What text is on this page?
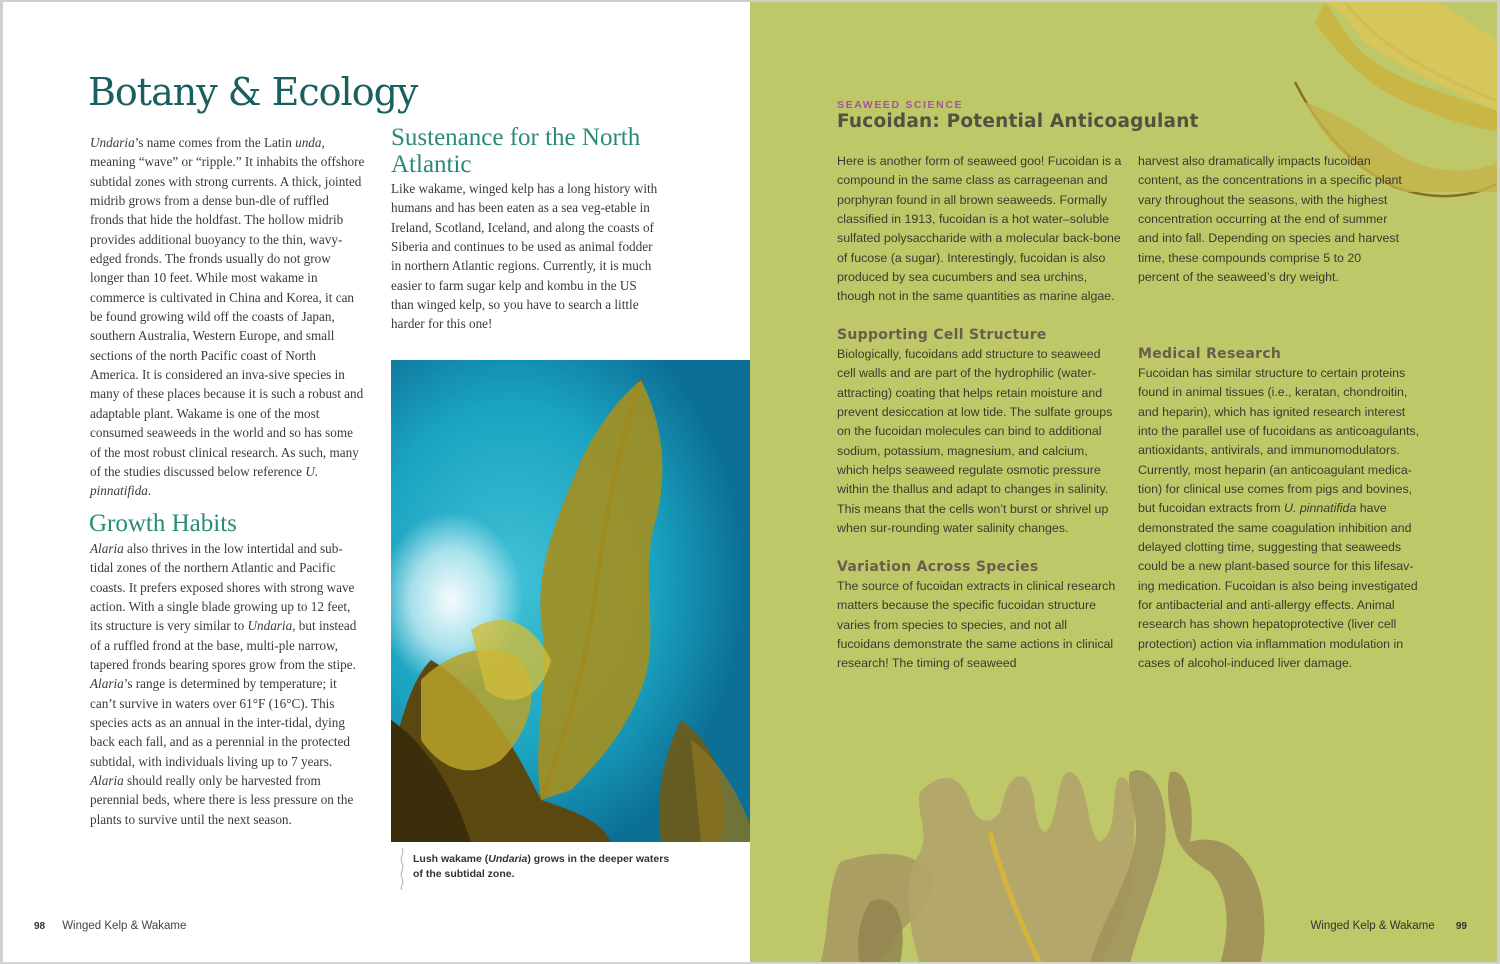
Botany & Ecology

Undaria’s name comes from the Latin unda, meaning “wave” or “ripple.” It inhabits the offshore subtidal zones with strong currents. A thick, jointed midrib grows from a dense bun-dle of ruffled fronds that hide the holdfast. The hollow midrib provides additional buoyancy to the thin, wavy-edged fronds. The fronds usually do not grow longer than 10 feet. While most wakame in commerce is cultivated in China and Korea, it can be found growing wild off the coasts of Japan, southern Australia, Western Europe, and small sections of the north Pacific coast of North America. It is considered an inva-sive species in many of these places because it is such a robust and adaptable plant. Wakame is one of the most consumed seaweeds in the world and so has some of the most robust clinical research. As such, many of the studies discussed below reference U. pinnatifida.

Growth Habits

Alaria also thrives in the low intertidal and sub-tidal zones of the northern Atlantic and Pacific coasts. It prefers exposed shores with strong wave action. With a single blade growing up to 12 feet, its structure is very similar to Undaria, but instead of a ruffled frond at the base, multi-ple narrow, tapered fronds bearing spores grow from the stipe. Alaria’s range is determined by temperature; it can’t survive in waters over 61°F (16°C). This species acts as an annual in the inter-tidal, dying back each fall, and as a perennial in the protected subtidal, with individuals living up to 7 years. Alaria should really only be harvested from perennial beds, where there is less pressure on the plants to survive until the next season.

Sustenance for the North Atlantic

Like wakame, winged kelp has a long history with humans and has been eaten as a sea veg-etable in Ireland, Scotland, Iceland, and along the coasts of Siberia and continues to be used as animal fodder in northern Atlantic regions. Currently, it is much easier to farm sugar kelp and kombu in the US than winged kelp, so you have to search a little harder for this one!

Lush wakame (Undaria) grows in the deeper waters of the subtidal zone.

98 Winged Kelp & Wakame
SEAWEED SCIENCE
Fucoidan: Potential Anticoagulant

Here is another form of seaweed goo! Fucoidan is a compound in the same class as carrageenan and porphyran found in all brown seaweeds. Formally classified in 1913, fucoidan is a hot water–soluble sulfated polysaccharide with a molecular back-bone of fucose (a sugar). Interestingly, fucoidan is also produced by sea cucumbers and sea urchins, though not in the same quantities as marine algae.

Supporting Cell Structure

Biologically, fucoidans add structure to seaweed cell walls and are part of the hydrophilic (water-attracting) coating that helps retain moisture and prevent desiccation at low tide. The sulfate groups on the fucoidan molecules can bind to additional sodium, potassium, magnesium, and calcium, which helps seaweed regulate osmotic pressure within the thallus and adapt to changes in salinity. This means that the cells won’t burst or shrivel up when sur-rounding water salinity changes.

Variation Across Species

The source of fucoidan extracts in clinical research matters because the specific fucoidan structure varies from species to species, and not all fucoidans demonstrate the same actions in clinical research! The timing of seaweed

harvest also dramatically impacts fucoidan content, as the concentrations in a specific plant vary throughout the seasons, with the highest concentration occurring at the end of summer and into fall. Depending on species and harvest time, these compounds comprise 5 to 20 percent of the seaweed’s dry weight.

Medical Research

Fucoidan has similar structure to certain proteins found in animal tissues (i.e., keratan, chondroitin, and heparin), which has ignited research interest into the parallel use of fucoidans as anticoagulants, antioxidants, antivirals, and immunomodulators. Currently, most heparin (an anticoagulant medica-tion) for clinical use comes from pigs and bovines, but fucoidan extracts from U. pinnatifida have demonstrated the same coagulation inhibition and delayed clotting time, suggesting that seaweeds could be a new plant-based source for this lifesav-ing medication. Fucoidan is also being investigated for antibacterial and anti-allergy effects. Animal research has shown hepatoprotective (liver cell protection) action via inflammation modulation in cases of alcohol-induced liver damage.

Winged Kelp & Wakame 99
